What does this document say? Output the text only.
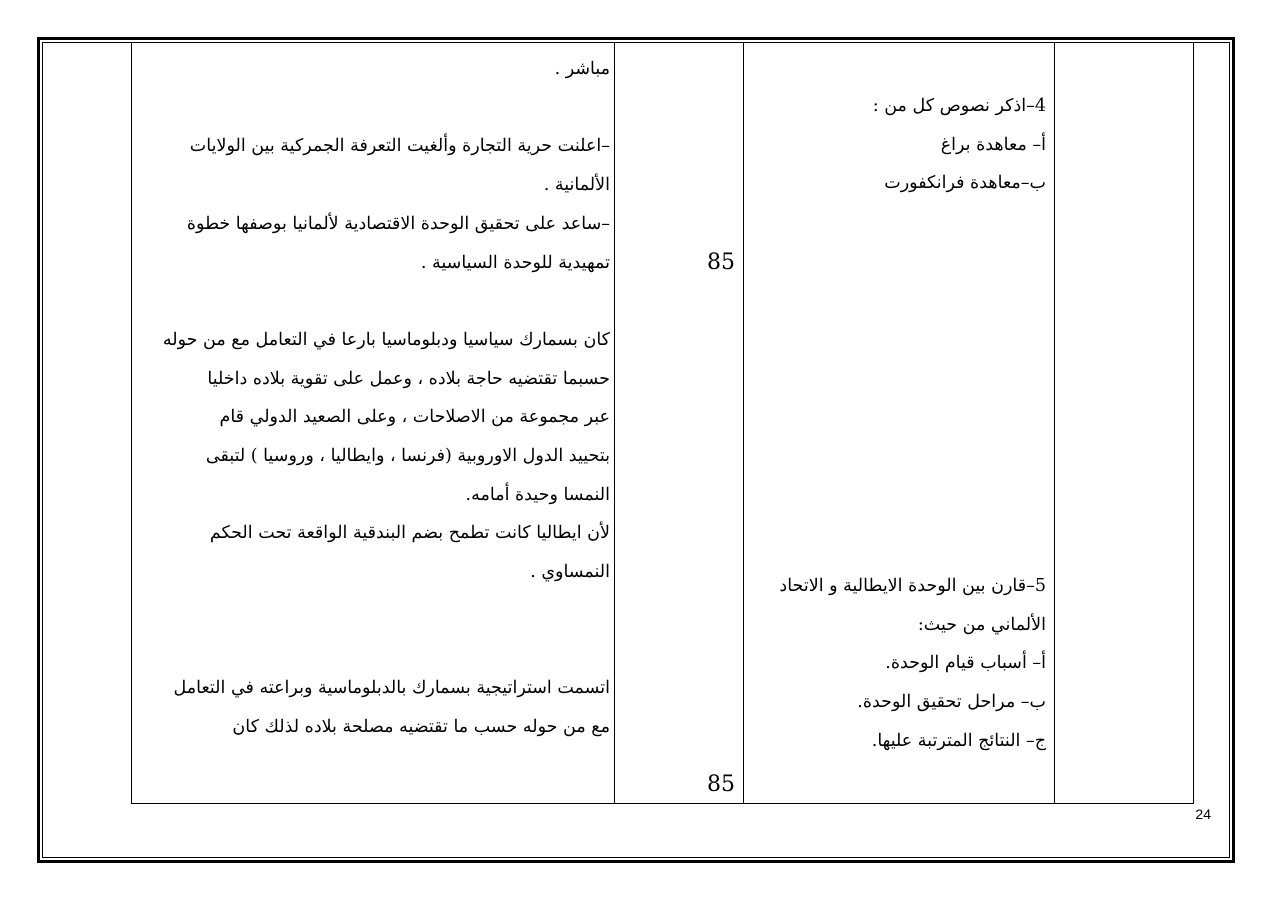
مباشر .

–اعلنت حرية التجارة وألغيت التعرفة الجمركية بين الولايات

الألمانية .

–ساعد على تحقيق الوحدة الاقتصادية لألمانيا بوصفها خطوة

تمهيدية للوحدة السياسية .

كان بسمارك سياسيا ودبلوماسيا بارعا في التعامل مع من حوله

حسبما تقتضيه حاجة بلاده ، وعمل على تقوية بلاده داخليا

عبر مجموعة من الاصلاحات ، وعلى الصعيد الدولي قام

بتحييد الدول الاوروبية (فرنسا ، وايطاليا ، وروسيا ) لتبقى

النمسا وحيدة أمامه.

لأن ايطاليا كانت تطمح بضم البندقية الواقعة تحت الحكم

النمساوي .

اتسمت استراتيجية بسمارك بالدبلوماسية وبراعته في التعامل

مع من حوله حسب ما تقتضيه مصلحة بلاده لذلك كان

85
85

4–اذكر نصوص كل من :

أ– معاهدة براغ

ب–معاهدة فرانكفورت

5–قارن بين الوحدة الايطالية و الاتحاد

الألماني من حيث:

أ– أسباب قيام الوحدة.

ب– مراحل تحقيق الوحدة.

ج– النتائج المترتبة عليها.

24
